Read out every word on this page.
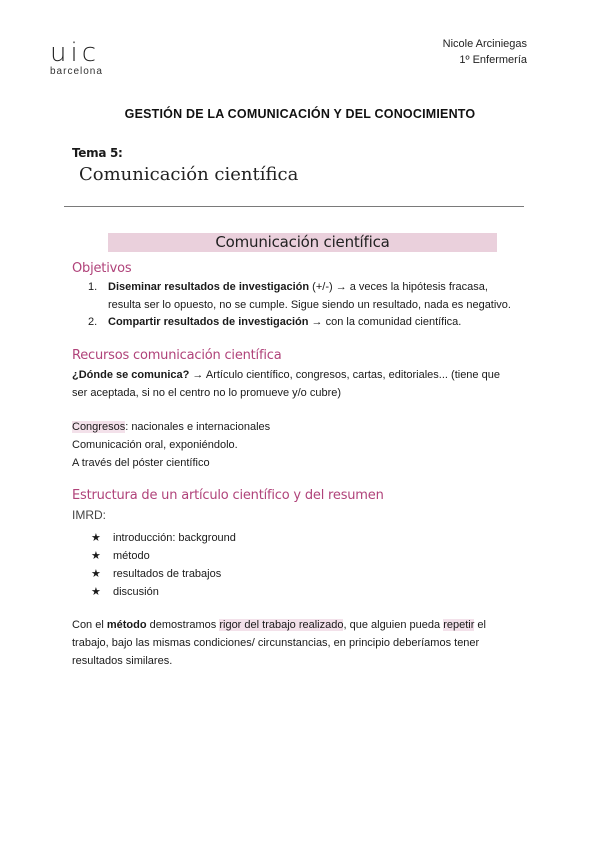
uic
barcelona
Nicole Arciniegas
1º Enfermería
GESTIÓN DE LA COMUNICACIÓN Y DEL CONOCIMIENTO
Tema 5:
Comunicación científica
Comunicación científica
Objetivos
1. Diseminar resultados de investigación (+/-) → a veces la hipótesis fracasa,
resulta ser lo opuesto, no se cumple. Sigue siendo un resultado, nada es negativo.
2. Compartir resultados de investigación → con la comunidad científica.
Recursos comunicación científica
¿Dónde se comunica? → Artículo científico, congresos, cartas, editoriales... (tiene que
ser aceptada, si no el centro no lo promueve y/o cubre)
Congresos: nacionales e internacionales
Comunicación oral, exponiéndolo.
A través del póster científico
Estructura de un artículo científico y del resumen
IMRD:
★ introducción: background
★ método
★ resultados de trabajos
★ discusión
Con el método demostramos rigor del trabajo realizado, que alguien pueda repetir el
trabajo, bajo las mismas condiciones/ circunstancias, en principio deberíamos tener
resultados similares.
